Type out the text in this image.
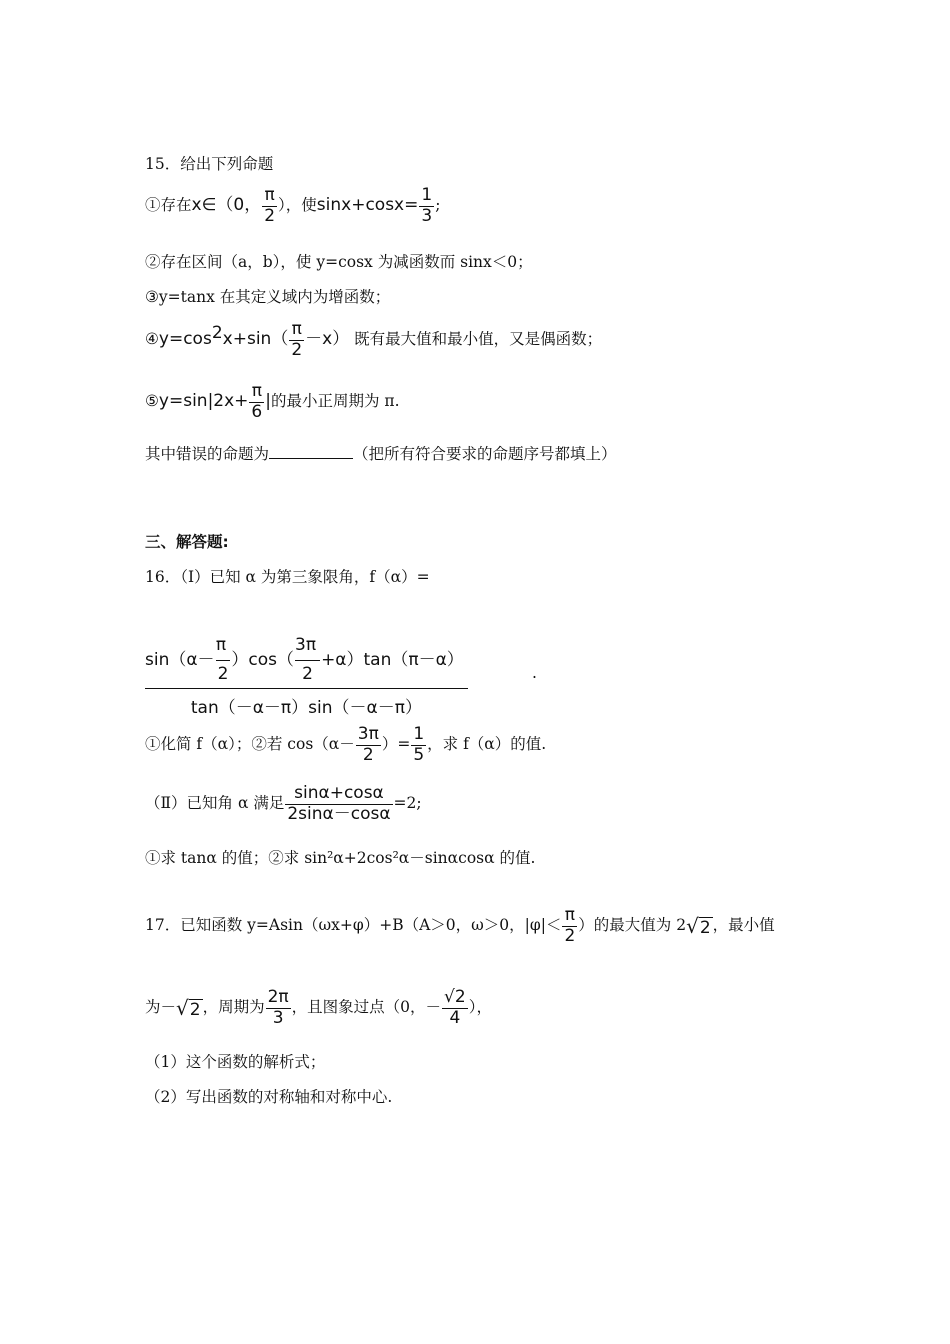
15．给出下列命题
①存在x∈（0， $\frac{\pi}{2}$ ），使$\sin x+\cos x= \frac{1}{3}$ ;
②存在区间（a，b），使 y=cosx 为减函数而 sinx＜0；
③y=tanx 在其定义域内为增函数；
$④y=\cos^2x+\sin( \frac{\pi}{2} -x)$ 既有最大值和最小值，又是偶函数；
⑤y=sin|2x+ $\frac{\pi}{6}$ |的最小正周期为 π.
其中错误的命题为	（把所有符合要求的命题序号都填上）
三、解答题:
16．（Ⅰ）已知 α 为第三象限角，f（α）=
$\frac{\sin(\alpha- \frac{\pi}{2} )\cos( \frac{3\pi}{2} +\alpha)\tan(\pi-\alpha)}{\tan(-\alpha-\pi)\sin(-\alpha-\pi)}$	.
①化简 f（α）；②若 $\cos(\alpha- \frac{3\pi}{2}$ ）= $\frac{1}{5}$ ，求 f（α）的值.
（Ⅱ）已知角 α 满足 $\frac{\sin\alpha+\cos\alpha}{2\sin\alpha-\cos\alpha} =2$;
①求 tanα 的值；②求 sin²α+2cos²α－sinαcosα 的值.
17．已知函数 y=Asin（ωx+φ）+B（A＞0，ω＞0，$|\varphi|< \frac{\pi}{2}$ ）的最大值为 2√2 ，最小值
为－√2 ，周期为 $\frac{2\pi}{3}$ ，且图象过点（0，－ $\frac{√2}{4}$ ），
（1）这个函数的解析式；
（2）写出函数的对称轴和对称中心.
